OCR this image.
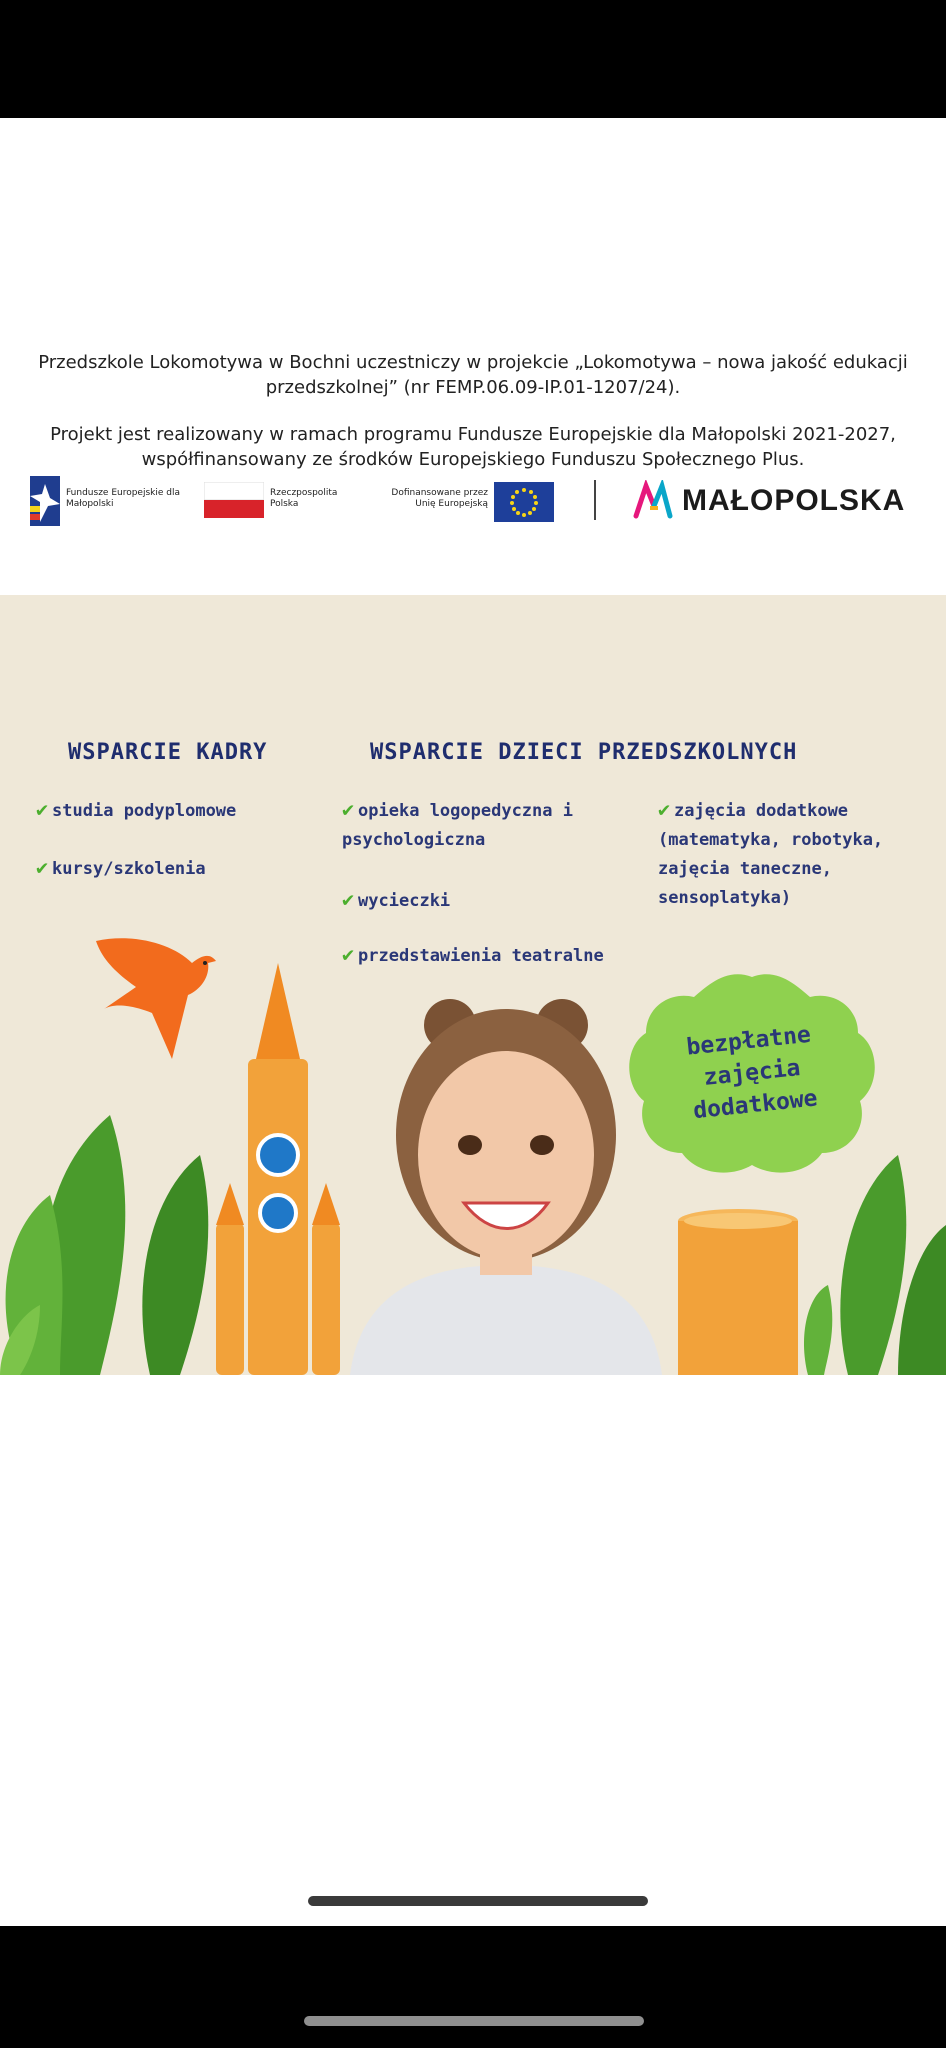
Przedszkole Lokomotywa w Bochni uczestniczy w projekcie „Lokomotywa – nowa jakość edukacji przedszkolnej” (nr FEMP.06.09-IP.01-1207/24).
Projekt jest realizowany w ramach programu Fundusze Europejskie dla Małopolski 2021-2027, współfinansowany ze środków Europejskiego Funduszu Społecznego Plus.
Fundusze Europejskie dla Małopolski
Rzeczpospolita Polska
Dofinansowane przez Unię Europejską	MAŁOPOLSKA
WSPARCIE KADRY	WSPARCIE DZIECI PRZEDSZKOLNYCH
✔ studia podyplomowe
✔ kursy/szkolenia
✔ opieka logopedyczna i psychologiczna
✔ wycieczki
✔ przedstawienia teatralne
✔ zajęcia dodatkowe (matematyka, robotyka, zajęcia taneczne, sensoplatyka)
bezpłatne zajęcia dodatkowe
